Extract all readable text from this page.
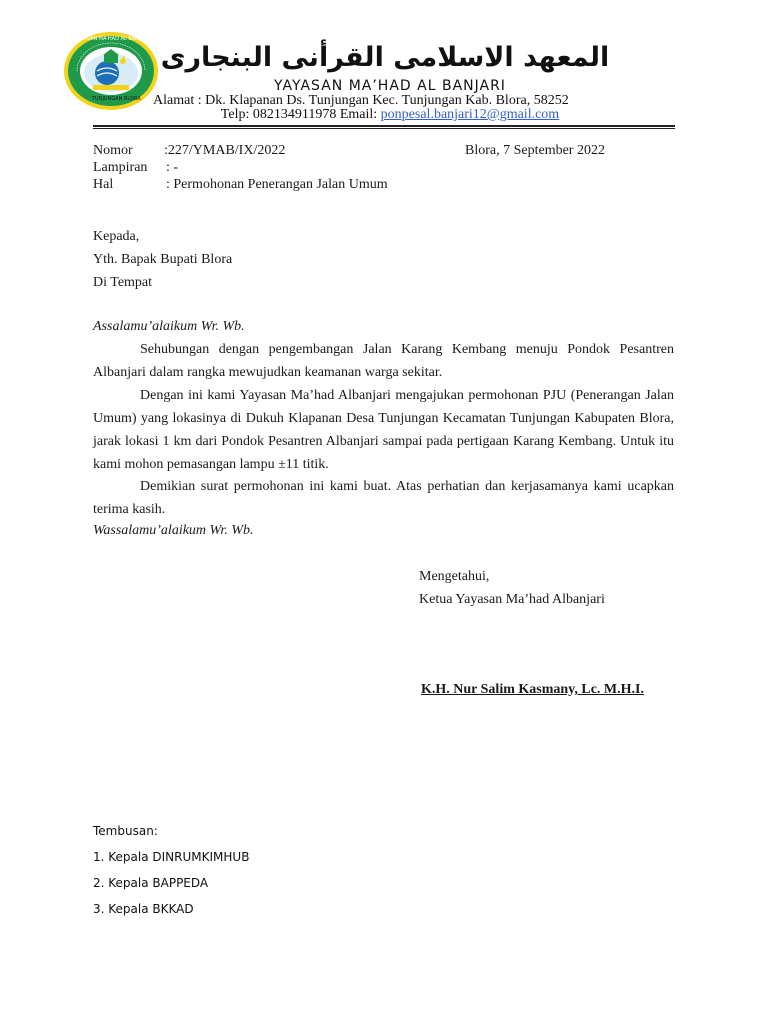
YAYASAN MA'HAD AL BANJARI
TUNJUNGAN BLORA
المعهد الاسلامى القرأنى البنجارى
YAYASAN MA’HAD AL BANJARI
Alamat : Dk. Klapanan Ds. Tunjungan Kec. Tunjungan Kab. Blora, 58252
Telp: 082134911978 Email: ponpesal.banjari12@gmail.com
Nomor :227/YMAB/IX/2022	Blora, 7 September 2022
Lampiran : -
Hal	: Permohonan Penerangan Jalan Umum
Kepada,
Yth. Bapak Bupati Blora
Di Tempat
Assalamu’alaikum Wr. Wb.
Sehubungan dengan pengembangan Jalan Karang Kembang menuju Pondok Pesantren Albanjari dalam rangka mewujudkan keamanan warga sekitar.
Dengan ini kami Yayasan Ma’had Albanjari mengajukan permohonan PJU (Penerangan Jalan Umum) yang lokasinya di Dukuh Klapanan Desa Tunjungan Kecamatan Tunjungan Kabupaten Blora, jarak lokasi 1 km dari Pondok Pesantren Albanjari sampai pada pertigaan Karang Kembang. Untuk itu kami mohon pemasangan lampu ±11 titik.
Demikian surat permohonan ini kami buat. Atas perhatian dan kerjasamanya kami ucapkan terima kasih.
Wassalamu’alaikum Wr. Wb.
Mengetahui,
Ketua Yayasan Ma’had Albanjari
K.H. Nur Salim Kasmany, Lc. M.H.I.
Tembusan:
1. Kepala DINRUMKIMHUB
2. Kepala BAPPEDA
3. Kepala BKKAD
